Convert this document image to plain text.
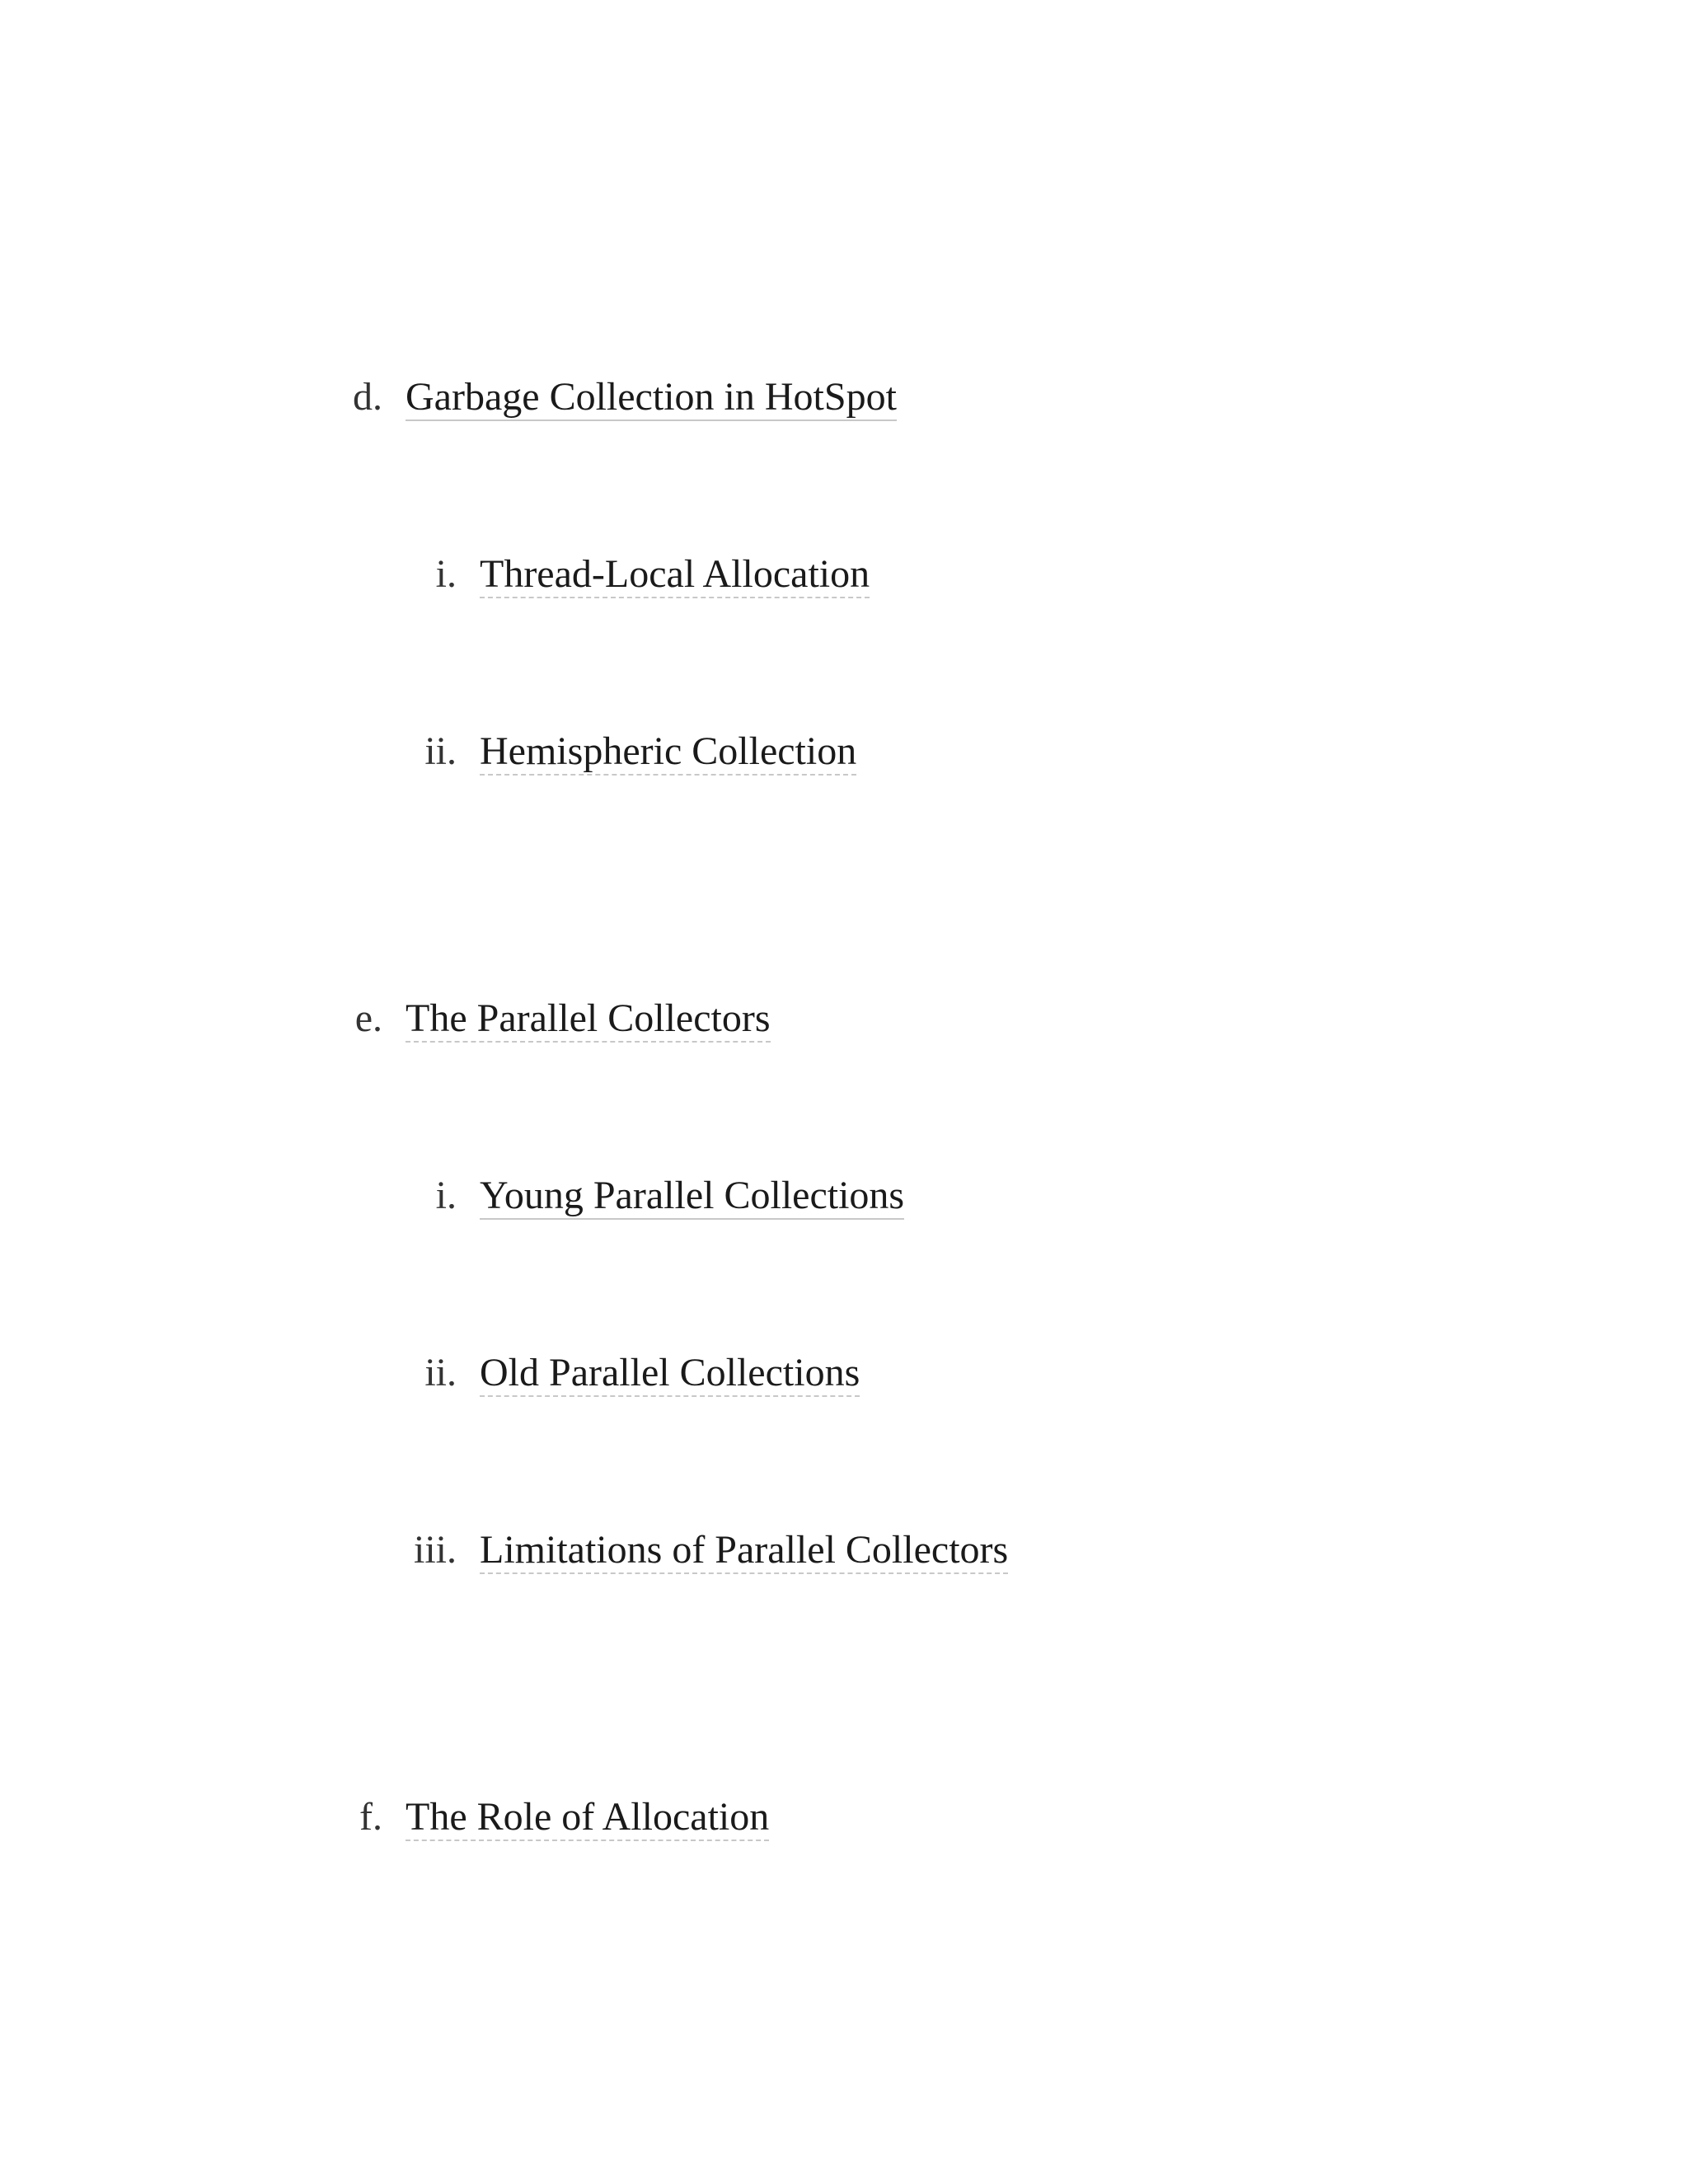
d. Garbage Collection in HotSpot
i. Thread-Local Allocation
ii. Hemispheric Collection
e. The Parallel Collectors
i. Young Parallel Collections
ii. Old Parallel Collections
iii. Limitations of Parallel Collectors
f. The Role of Allocation
